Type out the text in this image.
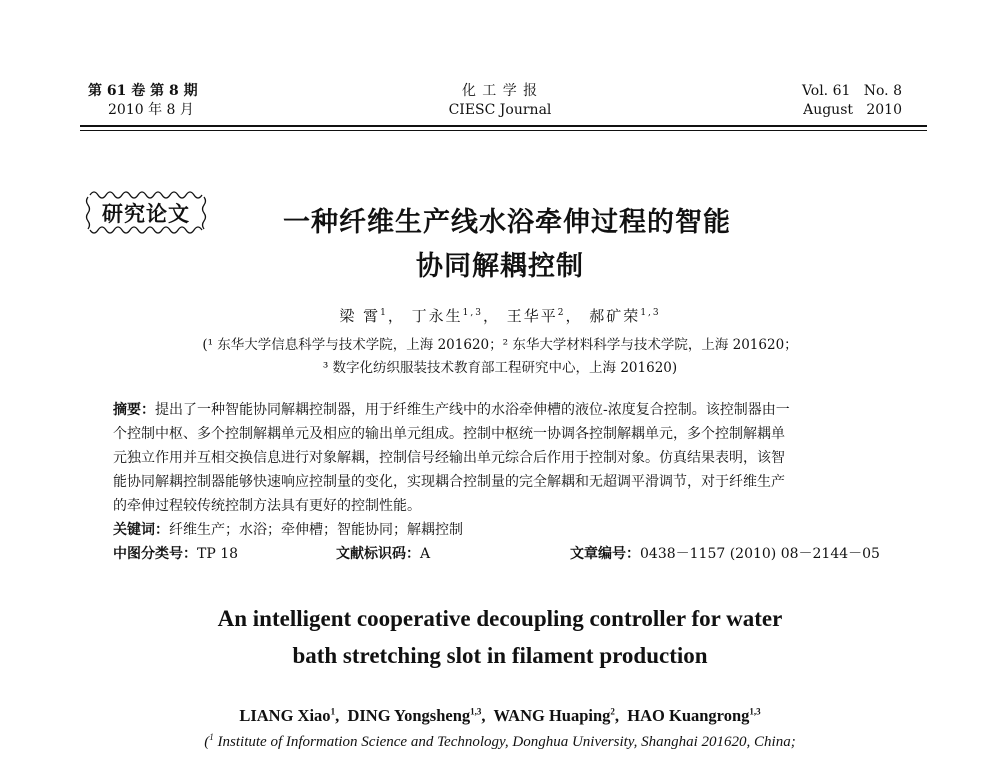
第 61 卷 第 8 期
2010 年 8 月
化 工 学 报
CIESC Journal
Vol. 61   No. 8
August   2010
研究论文	一种纤维生产线水浴牵伸过程的智能
协同解耦控制
梁 霄$^1$， 丁永生$^{1,3}$， 王华平$^2$， 郝矿荣$^{1,3}$
(¹ 东华大学信息科学与技术学院，上海 201620；² 东华大学材料科学与技术学院，上海 201620；
³ 数字化纺织服装技术教育部工程研究中心，上海 201620)
摘要：提出了一种智能协同解耦控制器，用于纤维生产线中的水浴牵伸槽的液位-浓度复合控制。该控制器由一
个控制中枢、多个控制解耦单元及相应的输出单元组成。控制中枢统一协调各控制解耦单元，多个控制解耦单
元独立作用并互相交换信息进行对象解耦，控制信号经输出单元综合后作用于控制对象。仿真结果表明，该智
能协同解耦控制器能够快速响应控制量的变化，实现耦合控制量的完全解耦和无超调平滑调节，对于纤维生产
的牵伸过程较传统控制方法具有更好的控制性能。
关键词：纤维生产；水浴；牵伸槽；智能协同；解耦控制
中图分类号：TP 18	文献标识码：A	文章编号：0438－1157 (2010) 08－2144－05
An intelligent cooperative decoupling controller for water
bath stretching slot in filament production
LIANG Xiao$^1$,  DING Yongsheng$^{1,3}$,  WANG Huaping$^2$,  HAO Kuangrong$^{1,3}$
($^1$ Institute of Information Science and Technology, Donghua University, Shanghai 201620, China;
